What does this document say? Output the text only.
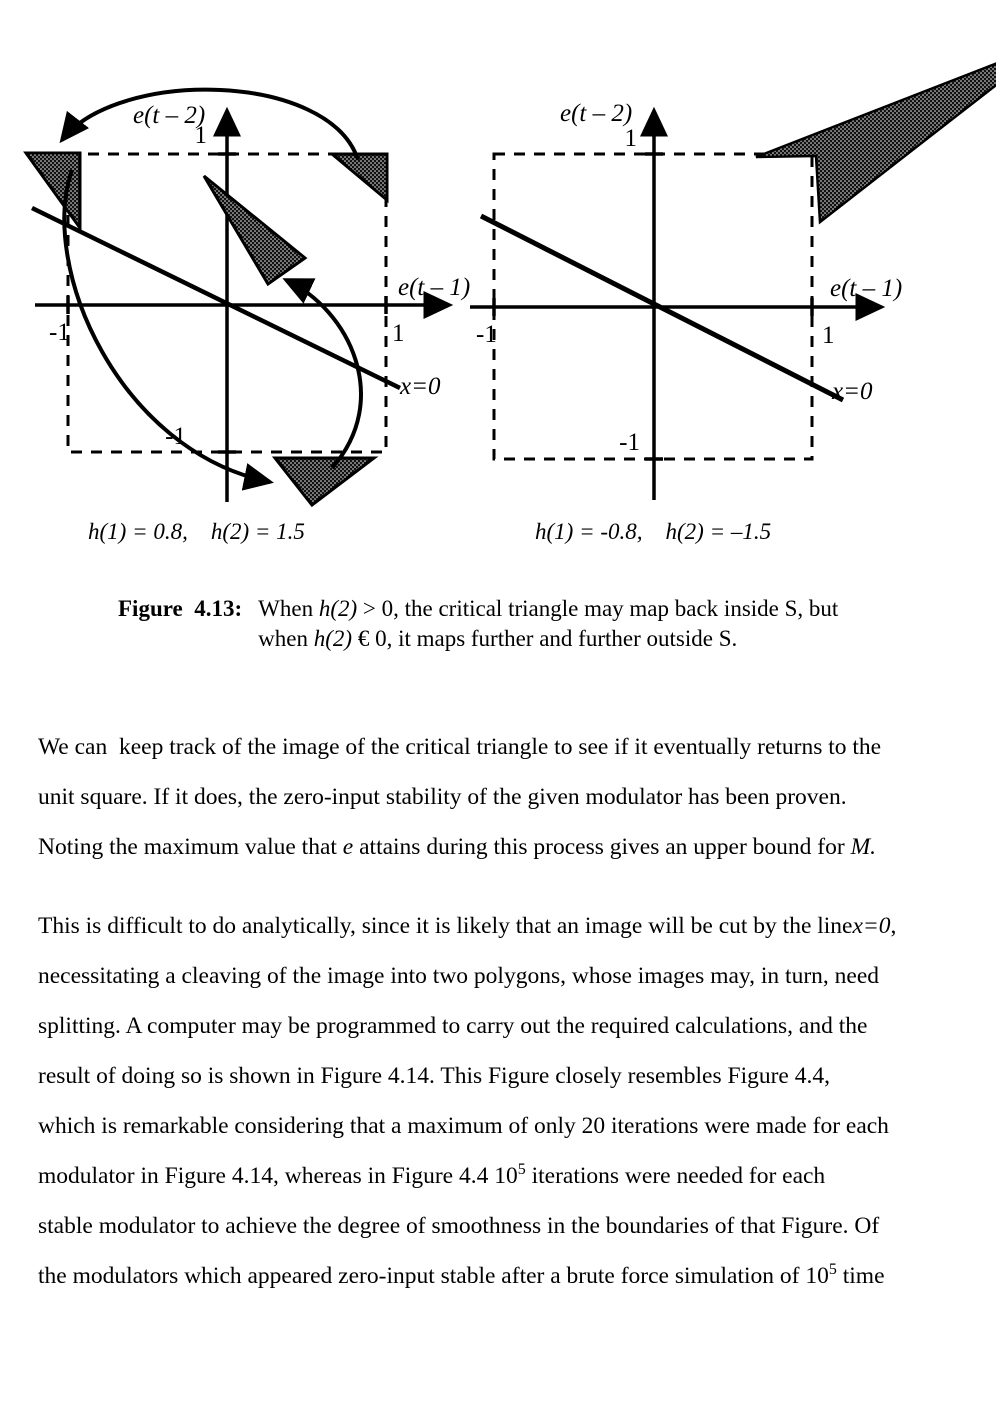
e(t – 2)
e(t – 1)
1
-1	1
-1
x=0
e(t – 2)
e(t – 1)
1
-1	1
-1
x=0
h(1) = 0.8,    h(2) = 1.5	h(1) = -0.8,    h(2) = –1.5
Figure  4.13: When h(2) > 0, the critical triangle may map back inside S, but when h(2) € 0, it maps further and further outside S.

We can  keep track of the image of the critical triangle to see if it eventually returns to the
unit square. If it does, the zero-input stability of the given modulator has been proven.
Noting the maximum value that e attains during this process gives an upper bound for M.

This is difficult to do analytically, since it is likely that an image will be cut by the linex=0,
necessitating a cleaving of the image into two polygons, whose images may, in turn, need
splitting. A computer may be programmed to carry out the required calculations, and the
result of doing so is shown in Figure 4.14. This Figure closely resembles Figure 4.4,
which is remarkable considering that a maximum of only 20 iterations were made for each
modulator in Figure 4.14, whereas in Figure 4.4 $10^5$ iterations were needed for each
stable modulator to achieve the degree of smoothness in the boundaries of that Figure. Of
the modulators which appeared zero-input stable after a brute force simulation of $10^5$ time
